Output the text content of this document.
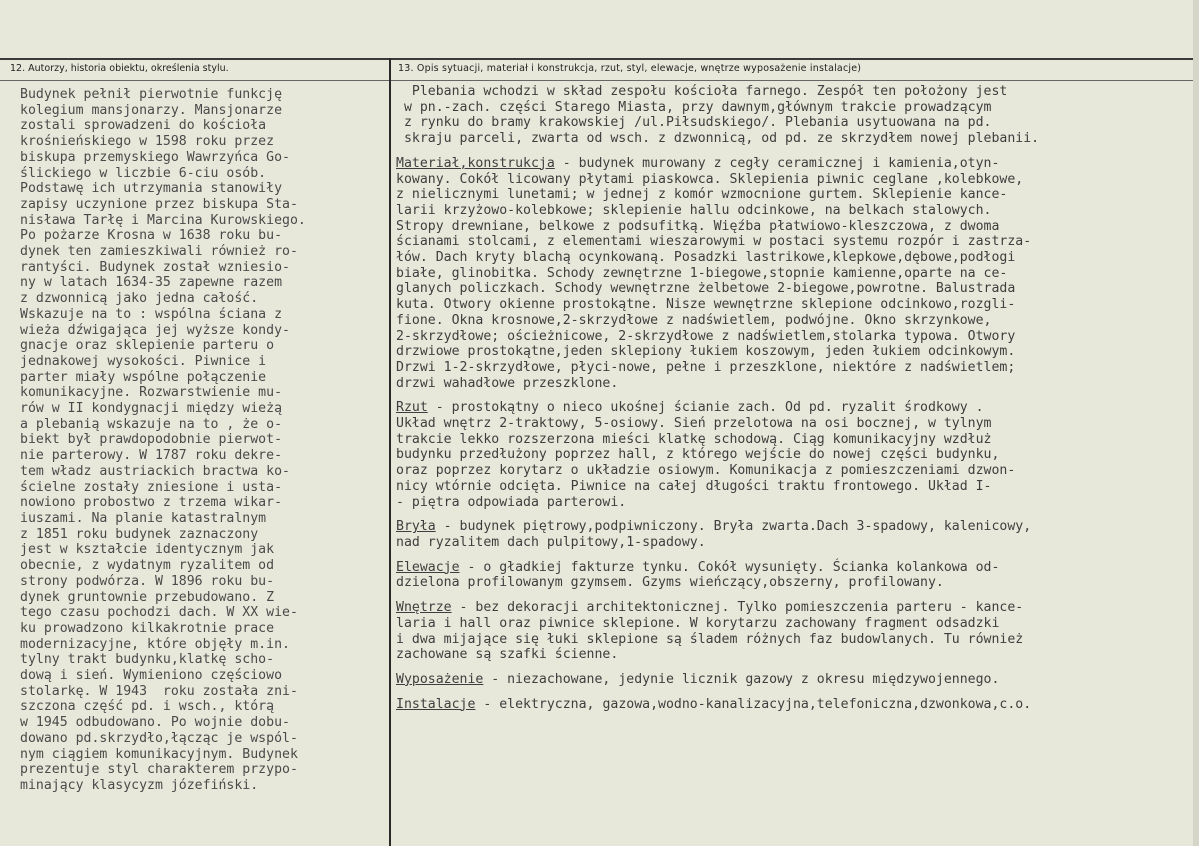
12. Autorzy, historia obiektu, określenia stylu.	13. Opis sytuacji, materiał i konstrukcja, rzut, styl, elewacje, wnętrze wyposażenie instalacje)
Budynek pełnił pierwotnie funkcję
kolegium mansjonarzy. Mansjonarze
zostali sprowadzeni do kościoła
krośnieńskiego w 1598 roku przez
biskupa przemyskiego Wawrzyńca Go-
ślickiego w liczbie 6-ciu osób.
Podstawę ich utrzymania stanowiły
zapisy uczynione przez biskupa Sta-
nisława Tarłę i Marcina Kurowskiego.
Po pożarze Krosna w 1638 roku bu-
dynek ten zamieszkiwali również ro-
rantyści. Budynek został wzniesio-
ny w latach 1634-35 zapewne razem
z dzwonnicą jako jedna całość.
Wskazuje na to : wspólna ściana z
wieża dźwigająca jej wyższe kondy-
gnacje oraz sklepienie parteru o
jednakowej wysokości. Piwnice i
parter miały wspólne połączenie
komunikacyjne. Rozwarstwienie mu-
rów w II kondygnacji między wieżą
a plebanią wskazuje na to , że o-
biekt był prawdopodobnie pierwot-
nie parterowy. W 1787 roku dekre-
tem władz austriackich bractwa ko-
ścielne zostały zniesione i usta-
nowiono probostwo z trzema wikar-
iuszami. Na planie katastralnym
z 1851 roku budynek zaznaczony
jest w kształcie identycznym jak
obecnie, z wydatnym ryzalitem od
strony podwórza. W 1896 roku bu-
dynek gruntownie przebudowano. Z
tego czasu pochodzi dach. W XX wie-
ku prowadzono kilkakrotnie prace
modernizacyjne, które objęły m.in.
tylny trakt budynku,klatkę scho-
dową i sień. Wymieniono częściowo
stolarkę. W 1943  roku została zni-
szczona część pd. i wsch., którą
w 1945 odbudowano. Po wojnie dobu-
dowano pd.skrzydło,łącząc je wspól-
nym ciągiem komunikacyjnym. Budynek
prezentuje styl charakterem przypo-
minający klasycyzm józefiński.
Plebania wchodzi w skład zespołu kościoła farnego. Zespół ten położony jest
w pn.-zach. części Starego Miasta, przy dawnym,głównym trakcie prowadzącym
z rynku do bramy krakowskiej /ul.Piłsudskiego/. Plebania usytuowana na pd.
skraju parceli, zwarta od wsch. z dzwonnicą, od pd. ze skrzydłem nowej plebanii.
Materiał,konstrukcja - budynek murowany z cegły ceramicznej i kamienia,otyn-
kowany. Cokół licowany płytami piaskowca. Sklepienia piwnic ceglane ,kolebkowe,
z nielicznymi lunetami; w jednej z komór wzmocnione gurtem. Sklepienie kance-
larii krzyżowo-kolebkowe; sklepienie hallu odcinkowe, na belkach stalowych.
Stropy drewniane, belkowe z podsufitką. Więźba płatwiowo-kleszczowa, z dwoma
ścianami stolcami, z elementami wieszarowymi w postaci systemu rozpór i zastrza-
łów. Dach kryty blachą ocynkowaną. Posadzki lastrikowe,klepkowe,dębowe,podłogi
białe, glinobitka. Schody zewnętrzne 1-biegowe,stopnie kamienne,oparte na ce-
glanych policzkach. Schody wewnętrzne żelbetowe 2-biegowe,powrotne. Balustrada
kuta. Otwory okienne prostokątne. Nisze wewnętrzne sklepione odcinkowo,rozgli-
fione. Okna krosnowe,2-skrzydłowe z nadświetlem, podwójne. Okno skrzynkowe,
2-skrzydłowe; ościeżnicowe, 2-skrzydłowe z nadświetlem,stolarka typowa. Otwory
drzwiowe prostokątne,jeden sklepiony łukiem koszowym, jeden łukiem odcinkowym.
Drzwi 1-2-skrzydłowe, płyci-nowe, pełne i przeszklone, niektóre z nadświetlem;
drzwi wahadłowe przeszklone.
Rzut - prostokątny o nieco ukośnej ścianie zach. Od pd. ryzalit środkowy .
Układ wnętrz 2-traktowy, 5-osiowy. Sień przelotowa na osi bocznej, w tylnym
trakcie lekko rozszerzona mieści klatkę schodową. Ciąg komunikacyjny wzdłuż
budynku przedłużony poprzez hall, z którego wejście do nowej części budynku,
oraz poprzez korytarz o układzie osiowym. Komunikacja z pomieszczeniami dzwon-
nicy wtórnie odcięta. Piwnice na całej długości traktu frontowego. Układ I-
- piętra odpowiada parterowi.
Bryła - budynek piętrowy,podpiwniczony. Bryła zwarta.Dach 3-spadowy, kalenicowy,
nad ryzalitem dach pulpitowy,1-spadowy.
Elewacje - o gładkiej fakturze tynku. Cokół wysunięty. Ścianka kolankowa od-
dzielona profilowanym gzymsem. Gzyms wieńczący,obszerny, profilowany.
Wnętrze - bez dekoracji architektonicznej. Tylko pomieszczenia parteru - kance-
laria i hall oraz piwnice sklepione. W korytarzu zachowany fragment odsadzki
i dwa mijające się łuki sklepione są śladem różnych faz budowlanych. Tu również
zachowane są szafki ścienne.
Wyposażenie - niezachowane, jedynie licznik gazowy z okresu międzywojennego.
Instalacje - elektryczna, gazowa,wodno-kanalizacyjna,telefoniczna,dzwonkowa,c.o.
